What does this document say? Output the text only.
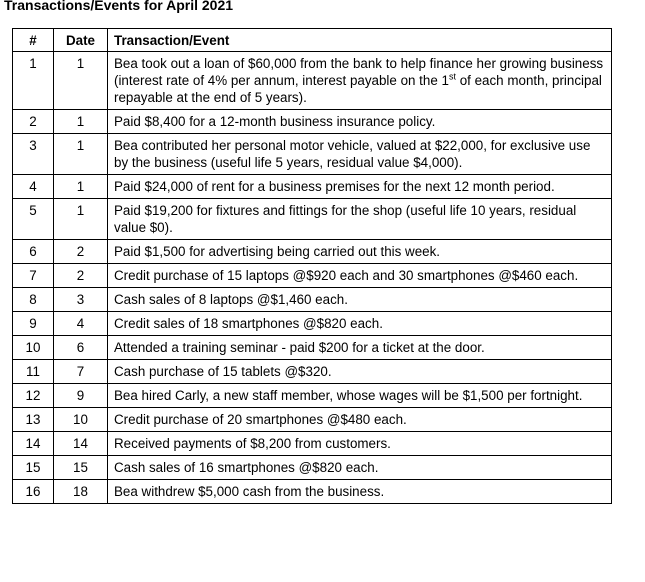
Transactions/Events for April 2021
#	Date	Transaction/Event
1	1	Bea took out a loan of $60,000 from the bank to help finance her growing business (interest rate of 4% per annum, interest payable on the 1st of each month, principal repayable at the end of 5 years).
2	1	Paid $8,400 for a 12-month business insurance policy.
3	1	Bea contributed her personal motor vehicle, valued at $22,000, for exclusive use by the business (useful life 5 years, residual value $4,000).
4	1	Paid $24,000 of rent for a business premises for the next 12 month period.
5	1	Paid $19,200 for fixtures and fittings for the shop (useful life 10 years, residual value $0).
6	2	Paid $1,500 for advertising being carried out this week.
7	2	Credit purchase of 15 laptops @$920 each and 30 smartphones @$460 each.
8	3	Cash sales of 8 laptops @$1,460 each.
9	4	Credit sales of 18 smartphones @$820 each.
10	6	Attended a training seminar - paid $200 for a ticket at the door.
11	7	Cash purchase of 15 tablets @$320.
12	9	Bea hired Carly, a new staff member, whose wages will be $1,500 per fortnight.
13	10	Credit purchase of 20 smartphones @$480 each.
14	14	Received payments of $8,200 from customers.
15	15	Cash sales of 16 smartphones @$820 each.
16	18	Bea withdrew $5,000 cash from the business.
